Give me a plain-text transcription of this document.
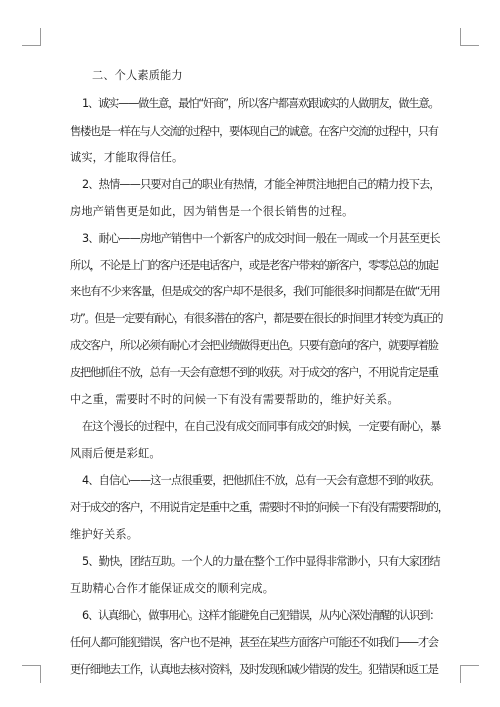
二、个人素质能力
1、诚实——做生意，最怕“奸商”，所以客户都喜欢跟诚实的人做朋友，做生意。
售楼也是一样在与人交流的过程中，要体现自己的诚意。在客户交流的过程中，只有
诚实，才能取得信任。
2、热情——只要对自己的职业有热情，才能全神贯注地把自己的精力投下去，
房地产销售更是如此，因为销售是一个很长销售的过程。
3、耐心——房地产销售中一个新客户的成交时间一般在一周或一个月甚至更长
所以，不论是上门的客户还是电话客户，或是老客户带来的新客户，零零总总的加起
来也有不少来客量，但是成交的客户却不是很多，我们可能很多时间都是在做“无用
功”。但是一定要有耐心，有很多潜在的客户，都是要在很长的时间里才转变为真正的
成交客户，所以必须有耐心才会把业绩做得更出色。只要有意向的客户，就要厚着脸
皮把他抓住不放，总有一天会有意想不到的收获。对于成交的客户，不用说肯定是重
中之重，需要时不时的问候一下有没有需要帮助的，维护好关系。
在这个漫长的过程中，在自己没有成交而同事有成交的时候，一定要有耐心，暴
风雨后便是彩虹。
4、自信心——这一点很重要，把他抓住不放，总有一天会有意想不到的收获。
对于成交的客户，不用说肯定是重中之重，需要时不时的问候一下有没有需要帮助的，
维护好关系。
5、勤快，团结互助。一个人的力量在整个工作中显得非常渺小，只有大家团结
互助精心合作才能保证成交的顺利完成。
6、认真细心，做事用心。这样才能避免自己犯错误，从内心深处清醒的认识到：
任何人都可能犯错误，客户也不是神，甚至在某些方面客户可能还不如我们——才会
更仔细地去工作，认真地去核对资料，及时发现和减少错误的发生。犯错误和返工是
